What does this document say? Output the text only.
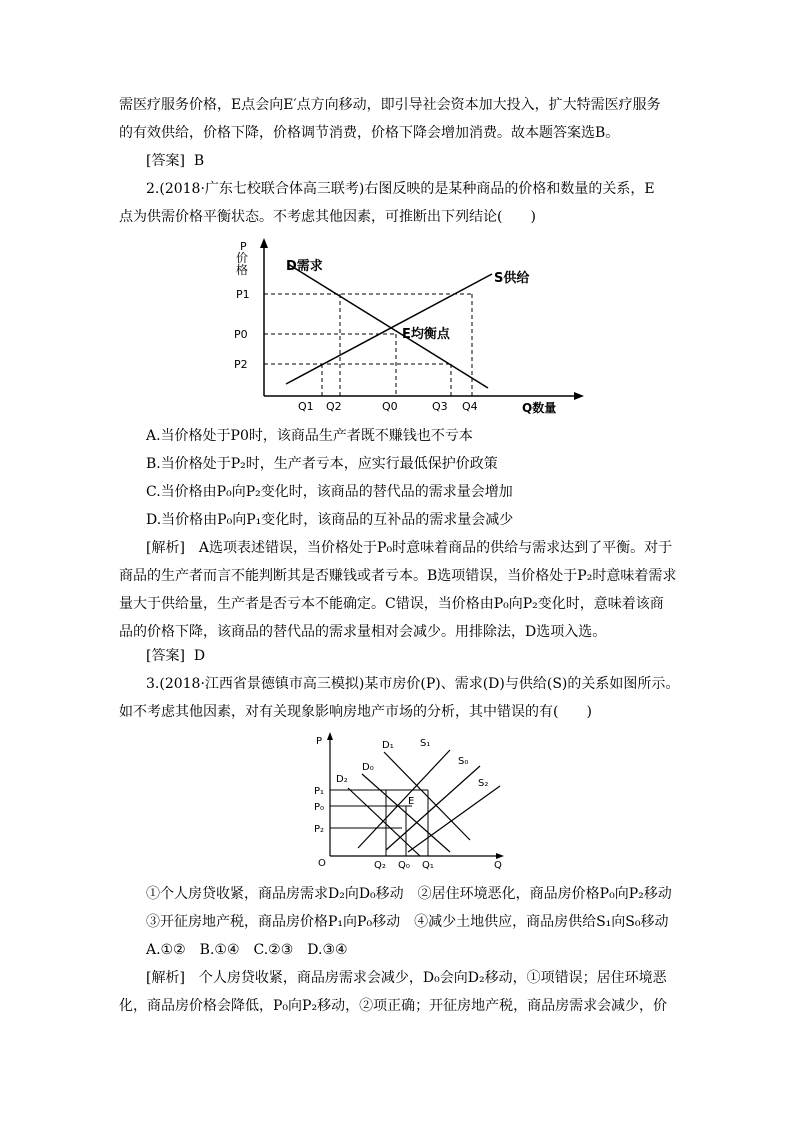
需医疗服务价格，E点会向E′点方向移动，即引导社会资本加大投入，扩大特需医疗服务
的有效供给，价格下降，价格调节消费，价格下降会增加消费。故本题答案选B。
[答案] B
2.(2018·广东七校联合体高三联考)右图反映的是某种商品的价格和数量的关系，E
点为供需价格平衡状态。不考虑其他因素，可推断出下列结论(　　)
P
价
格	D需求
S供给
E均衡点
P1
P0
P2
Q1 Q2	Q0	Q3 Q4	Q数量
A.当价格处于P0时，该商品生产者既不赚钱也不亏本
B.当价格处于P₂时，生产者亏本，应实行最低保护价政策
C.当价格由P₀向P₂变化时，该商品的替代品的需求量会增加
D.当价格由P₀向P₁变化时，该商品的互补品的需求量会减少
[解析]　A选项表述错误，当价格处于P₀时意味着商品的供给与需求达到了平衡。对于
商品的生产者而言不能判断其是否赚钱或者亏本。B选项错误，当价格处于P₂时意味着需求
量大于供给量，生产者是否亏本不能确定。C错误，当价格由P₀向P₂变化时，意味着该商
品的价格下降，该商品的替代品的需求量相对会减少。用排除法，D选项入选。
[答案] D
3.(2018·江西省景德镇市高三模拟)某市房价(P)、需求(D)与供给(S)的关系如图所示。
如不考虑其他因素，对有关现象影响房地产市场的分析，其中错误的有(　　)
P
Q
O
D₁
D₀
D₂
S₁
S₀
S₂
P₁
P₀
P₂
Q₂ Q₀ Q₁
E
①个人房贷收紧，商品房需求D₂向D₀移动　②居住环境恶化，商品房价格P₀向P₂移动
③开征房地产税，商品房价格P₁向P₀移动　④减少土地供应，商品房供给S₁向S₀移动
A.①②　B.①④　C.②③　D.③④
[解析]　个人房贷收紧，商品房需求会减少，D₀会向D₂移动，①项错误；居住环境恶
化，商品房价格会降低，P₀向P₂移动，②项正确；开征房地产税，商品房需求会减少，价
